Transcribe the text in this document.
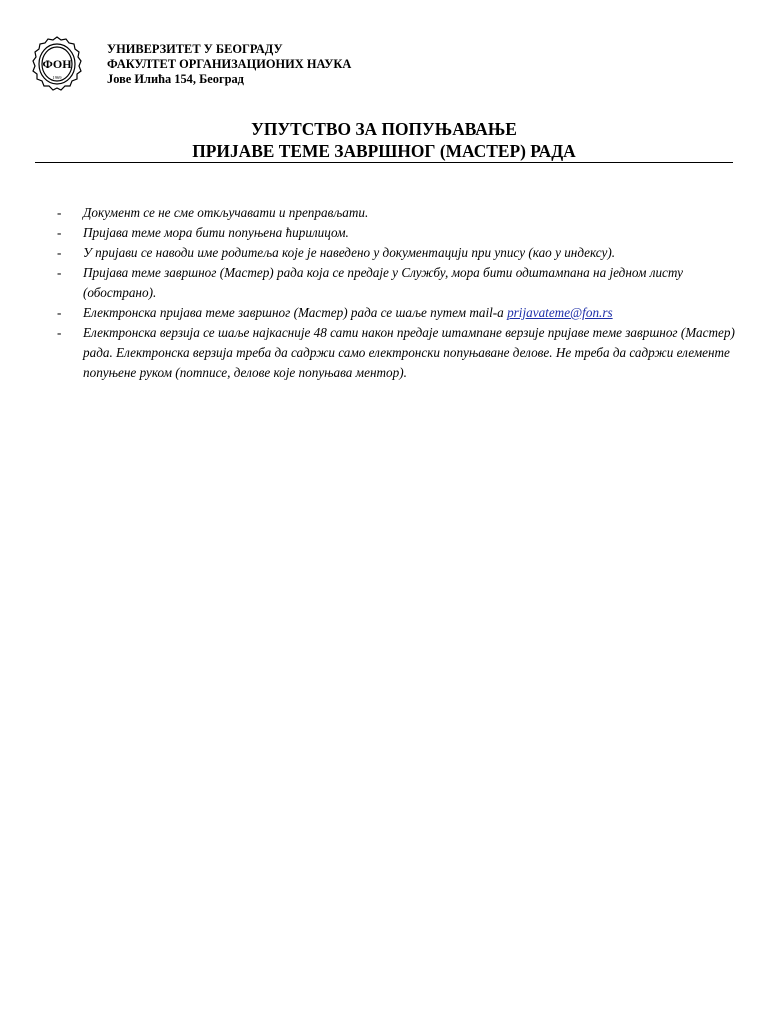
ФОН
1969
УНИВЕРЗИТЕТ У БЕОГРАДУ
ФАКУЛТЕТ ОРГАНИЗАЦИОНИХ НАУКА
Јове Илића 154, Београд
УПУТСТВО ЗА ПОПУЊАВАЊЕ
ПРИЈАВЕ ТЕМЕ ЗАВРШНОГ (МАСТЕР) РАДА
- Документ се не сме откључавати и преправљати.
- Пријава теме мора бити попуњена ћирилицом.
- У пријави се наводи име родитеља које је наведено у документацији при упису (као у индексу).
- Пријава теме завршног (Мастер) рада која се предаје у Службу, мора бити одштампана на једном листу (обострано).
- Електронска пријава теме завршног (Мастер) рада се шаље путем mail-a prijavateme@fon.rs
- Електронска верзија се шаље најкасније 48 сати након предаје штампане верзије пријаве теме завршног (Мастер) рада. Електронска верзија треба да садржи само електронски попуњаване делове. Не треба да садржи елементе попуњене руком (потписе, делове које попуњава ментор).
